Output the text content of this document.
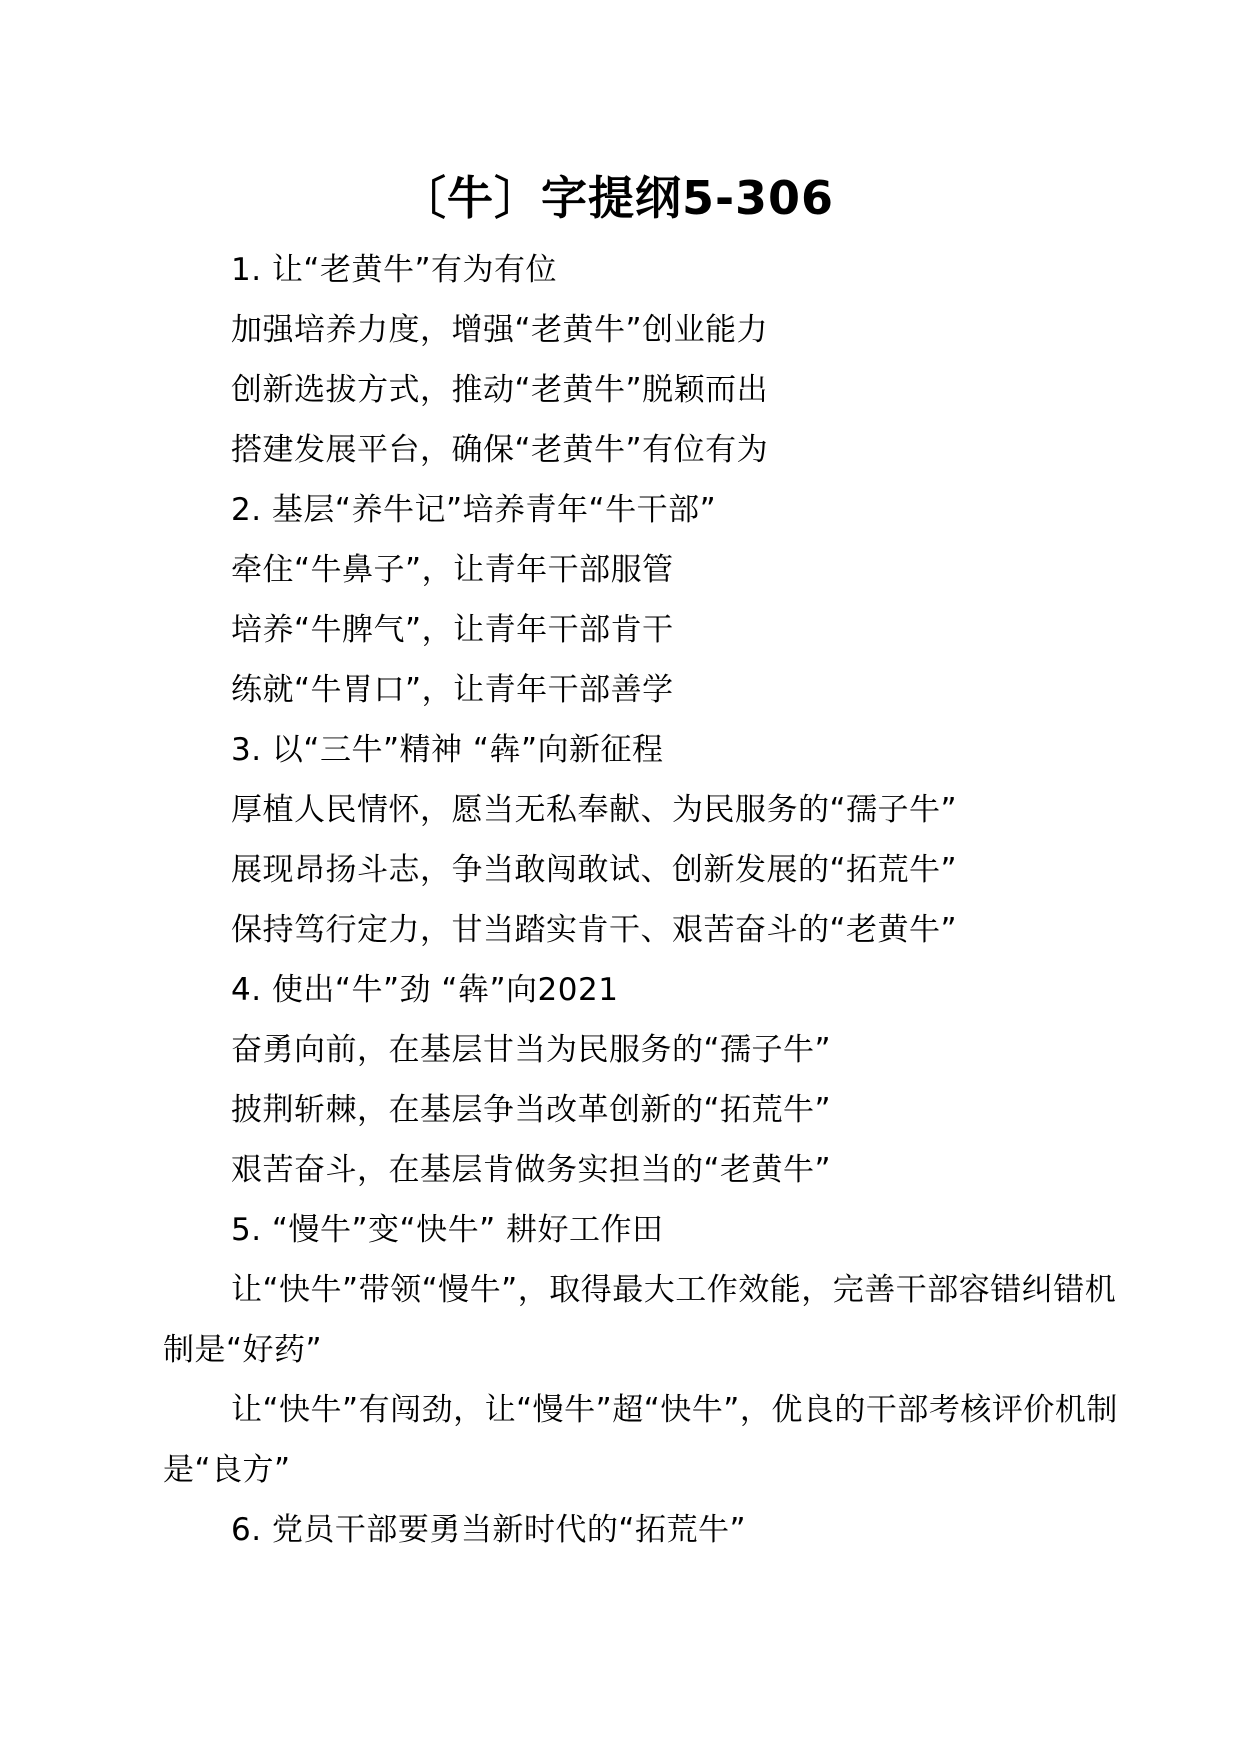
〔牛〕字提纲5-306
1. 让“老黄牛”有为有位
加强培养力度，增强“老黄牛”创业能力
创新选拔方式，推动“老黄牛”脱颖而出
搭建发展平台，确保“老黄牛”有位有为
2. 基层“养牛记”培养青年“牛干部”
牵住“牛鼻子”，让青年干部服管
培养“牛脾气”，让青年干部肯干
练就“牛胃口”，让青年干部善学
3. 以“三牛”精神 “犇”向新征程
厚植人民情怀，愿当无私奉献、为民服务的“孺子牛”
展现昂扬斗志，争当敢闯敢试、创新发展的“拓荒牛”
保持笃行定力，甘当踏实肯干、艰苦奋斗的“老黄牛”
4. 使出“牛”劲 “犇”向2021
奋勇向前，在基层甘当为民服务的“孺子牛”
披荆斩棘，在基层争当改革创新的“拓荒牛”
艰苦奋斗，在基层肯做务实担当的“老黄牛”
5. “慢牛”变“快牛” 耕好工作田
让“快牛”带领“慢牛”，取得最大工作效能，完善干部容错纠错机制是“好药”
让“快牛”有闯劲，让“慢牛”超“快牛”，优良的干部考核评价机制是“良方”
6. 党员干部要勇当新时代的“拓荒牛”
